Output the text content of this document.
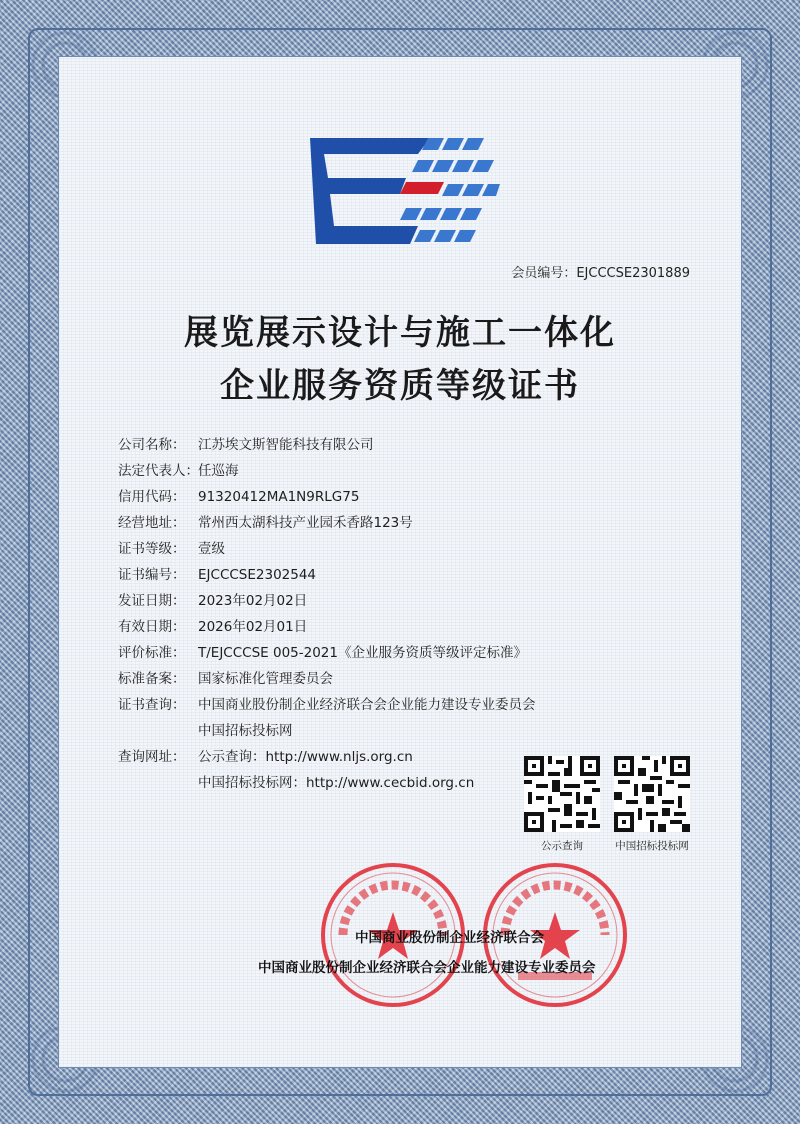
会员编号：EJCCCSE2301889
展览展示设计与施工一体化
企业服务资质等级证书
公司名称： 江苏埃文斯智能科技有限公司
法定代表人：任巡海
信用代码： 91320412MA1N9RLG75
经营地址： 常州西太湖科技产业园禾香路123号
证书等级： 壹级
证书编号： EJCCCSE2302544
发证日期： 2023年02月02日
有效日期： 2026年02月01日
评价标准： T/EJCCCSE 005-2021《企业服务资质等级评定标准》
标准备案： 国家标准化管理委员会
证书查询： 中国商业股份制企业经济联合会企业能力建设专业委员会
中国招标投标网
查询网址： 公示查询：http://www.nljs.org.cn
中国招标投标网：http://www.cecbid.org.cn
公示查询	中国招标投标网
中国商业股份制企业经济联合会
中国商业股份制企业经济联合会企业能力建设专业委员会
